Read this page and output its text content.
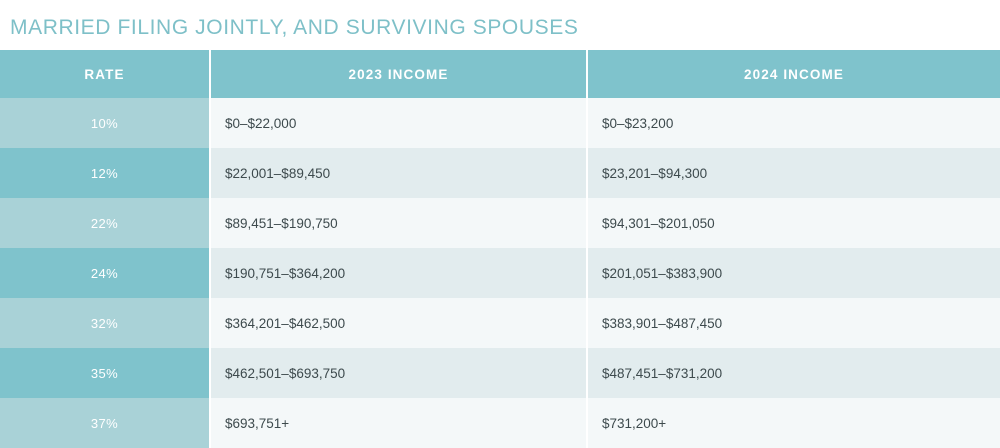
MARRIED FILING JOINTLY, AND SURVIVING SPOUSES
RATE	2023 INCOME	2024 INCOME
10%	$0–$22,000	$0–$23,200
12%	$22,001–$89,450	$23,201–$94,300
22%	$89,451–$190,750	$94,301–$201,050
24%	$190,751–$364,200	$201,051–$383,900
32%	$364,201–$462,500	$383,901–$487,450
35%	$462,501–$693,750	$487,451–$731,200
37%	$693,751+	$731,200+
